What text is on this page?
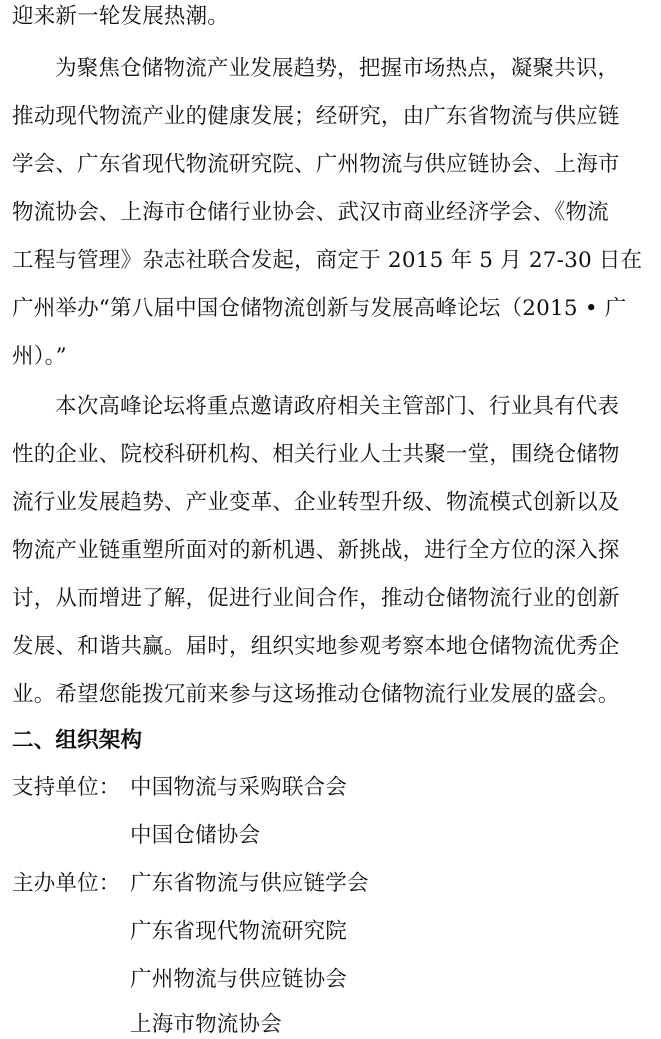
迎来新一轮发展热潮。
为聚焦仓储物流产业发展趋势，把握市场热点，凝聚共识，
推动现代物流产业的健康发展；经研究，由广东省物流与供应链
学会、广东省现代物流研究院、广州物流与供应链协会、上海市
物流协会、上海市仓储行业协会、武汉市商业经济学会、《物流
工程与管理》杂志社联合发起，商定于 2015 年 5 月 27-30 日在
广州举办“第八届中国仓储物流创新与发展高峰论坛（2015 • 广
州）。”
本次高峰论坛将重点邀请政府相关主管部门、行业具有代表
性的企业、院校科研机构、相关行业人士共聚一堂，围绕仓储物
流行业发展趋势、产业变革、企业转型升级、物流模式创新以及
物流产业链重塑所面对的新机遇、新挑战，进行全方位的深入探
讨，从而增进了解，促进行业间合作，推动仓储物流行业的创新
发展、和谐共赢。届时，组织实地参观考察本地仓储物流优秀企
业。希望您能拨冗前来参与这场推动仓储物流行业发展的盛会。
二、组织架构
支持单位： 中国物流与采购联合会
中国仓储协会
主办单位： 广东省物流与供应链学会
广东省现代物流研究院
广州物流与供应链协会
上海市物流协会
